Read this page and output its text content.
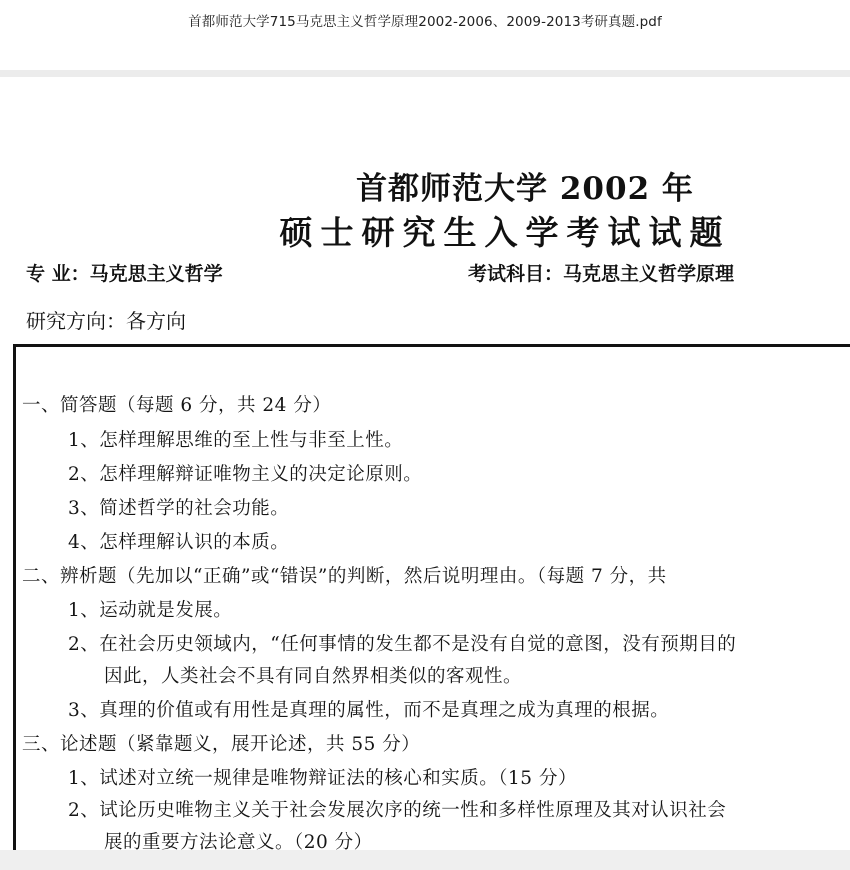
首都师范大学715马克思主义哲学原理2002-2006、2009-2013考研真题.pdf
首都师范大学 2002 年
硕士研究生入学考试试题
专 业：马克思主义哲学	考试科目：马克思主义哲学原理
研究方向：各方向
一、简答题（每题 6 分，共 24 分）
1、怎样理解思维的至上性与非至上性。
2、怎样理解辩证唯物主义的决定论原则。
3、简述哲学的社会功能。
4、怎样理解认识的本质。
二、辨析题（先加以“正确”或“错误”的判断，然后说明理由。（每题 7 分，共
1、运动就是发展。
2、在社会历史领域内，“任何事情的发生都不是没有自觉的意图，没有预期目的
因此，人类社会不具有同自然界相类似的客观性。
3、真理的价值或有用性是真理的属性，而不是真理之成为真理的根据。
三、论述题（紧靠题义，展开论述，共 55 分）
1、试述对立统一规律是唯物辩证法的核心和实质。（15 分）
2、试论历史唯物主义关于社会发展次序的统一性和多样性原理及其对认识社会
展的重要方法论意义。（20 分）
